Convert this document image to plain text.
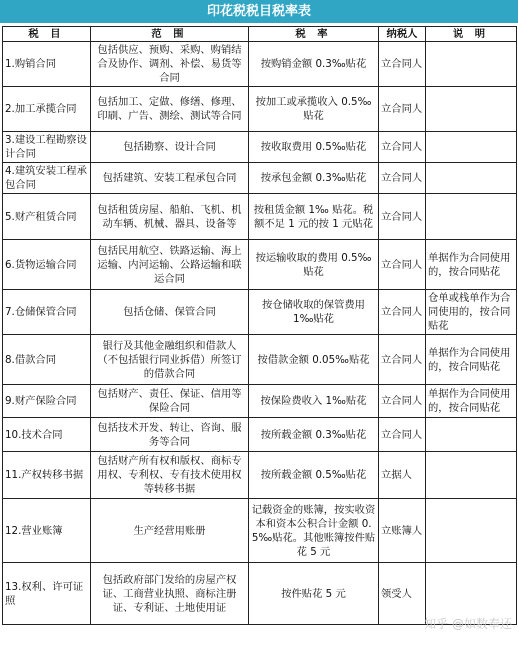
印花税税目税率表
税 目	范 围	税 率	纳税人	说 明
1.购销合同	包括供应、预购、采购、购销结合及协作、调剂、补偿、易货等合同	按购销金额 0.3‰贴花	立合同人	
2.加工承揽合同	包括加工、定做、修缮、修理、印刷、广告、测绘、测试等合同	按加工或承揽收入 0.5‰贴花	立合同人	
3.建设工程勘察设计合同	包括勘察、设计合同	按收取费用 0.5‰贴花	立合同人	
4.建筑安装工程承包合同	包括建筑、安装工程承包合同	按承包金额 0.3‰贴花	立合同人	
5.财产租赁合同	包括租赁房屋、船舶、飞机、机动车辆、机械、器具、设备等	按租赁金额 1‰ 贴花。税额不足 1 元的按 1 元贴花	立合同人	
6.货物运输合同	包括民用航空、铁路运输、海上运输、内河运输、公路运输和联运合同	按运输收取的费用 0.5‰贴花	立合同人	单据作为合同使用的，按合同贴花
7.仓储保管合同	包括仓储、保管合同	按仓储收取的保管费用 1‰贴花	立合同人	仓单或栈单作为合同使用的，按合同贴花
8.借款合同	银行及其他金融组织和借款人（不包括银行同业拆借）所签订的借款合同	按借款金额 0.05‰贴花	立合同人	单据作为合同使用的，按合同贴花
9.财产保险合同	包括财产、责任、保证、信用等保险合同	按保险费收入 1‰贴花	立合同人	单据作为合同使用的，按合同贴花
10.技术合同	包括技术开发、转让、咨询、服务等合同	按所载金额 0.3‰贴花	立合同人	
11.产权转移书据	包括财产所有权和版权、商标专用权、专利权、专有技术使用权等转移书据	按所载金额 0.5‰贴花	立据人	
12.营业账簿	生产经营用账册	记载资金的账簿，按实收资本和资本公积合计金额 0.5‰贴花。其他账簿按件贴花 5 元	立账簿人	
13.权利、许可证照	包括政府部门发给的房屋产权证、工商营业执照、商标注册证、专利证、土地使用证	按件贴花 5 元	领受人	
知乎 @如数奉还
